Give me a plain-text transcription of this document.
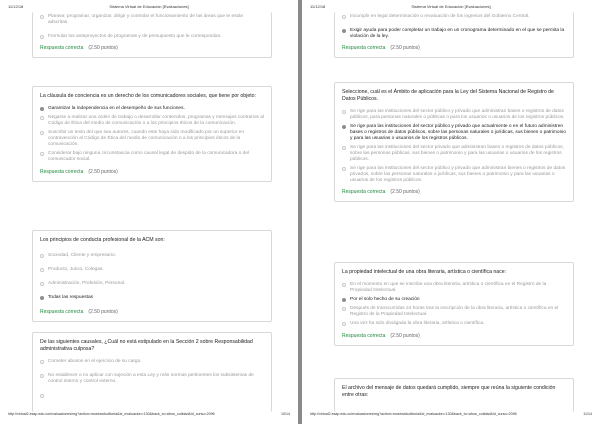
11/12/18	Sistema Virtual de Educación [Evaluaciones]
Planear, programar, organizar, dirigir y controlar el funcionamiento de las áreas que le están adscritas.
Formular los anteproyectos de programas y de presupuesto que le correspondan.
Respuesta correcta (2.50 puntos)
La cláusula de conciencia es un derecho de los comunicadores sociales, que tiene por objeto:
Garantizar la independencia en el desempeño de sus funciones.
Negarse a realizar una orden de trabajo o desarrollar contenidos, programas y mensajes contrarios al Código de Ética del medio de comunicación o a los principios éticos de la comunicación.
Suscribir un texto del que sea autores, cuando este haya sido modificado por un superior en contravención al Código de Ética del medio de comunicación o a los principios éticos de la comunicación.
Considerar bajo ninguna circunstancia como causal legal de despido de la comunicadora o del comunicador social.
Respuesta correcta (2.50 puntos)
Los principios de conducta profesional de la ACM son:
Sociedad, Cliente y empresario.
Producto, Juicio, Colegas.
Administración, Profesión, Personal.
Todas las respuestas
Respuesta correcta (2.50 puntos)
De las siguientes causales, ¿Cuál no está estipulado en la Sección 2 sobre Responsabilidad administrativa culposa?
Cometer abusos en el ejercicio de su cargo.
No establecer o no aplicar con sujeción a esta Ley y más normas pertinentes los subsistemas de control interno y control externo.
http://virtual2.esap.edu.co/evaluaciones/mg?action=mostrarAuditoria&id_evaluacion=130&back_to=aforo_cotidad&id_curso=2096	10/14
11/12/18	Sistema Virtual de Educación [Evaluaciones]
Incumplir en legal determinación o revaluación de los ingresos del Gobierno Central.
Exigir ayuda para poder completar un trabajo en un cronograma determinado en el que se permita la violación de la ley.
Respuesta correcta (2.50 puntos)
Seleccione, cuál es el Ámbito de aplicación para la Ley del Sistema Nacional de Registro de Datos Públicos.
Se rige para las instituciones del sector público y privado que administran bases o registros de datos públicos, para personas naturales o públicas o para los usuarios o usuarios de los registros públicos.
Se rige para las instituciones del sector público y privado que actualmente o en el futuro administren bases o registros de datos públicos, sobre las personas naturales o jurídicas, sus bienes o patrimonio y para las usuarias o usuarios de los registros públicos.
Se rige para las instituciones del sector privado que administran bases o registros de datos públicos, sobre las personas públicas, sus bienes o patrimonio y para las usuarias o usuarios de los registros públicos.
Se rige para las instituciones del sector público y privado que administran bienes o registros de datos privados, sobre las personas naturales o jurídicas, sus bienes o patrimonio y para las usuarias o usuarios de los registros públicos.
Respuesta correcta (2.50 puntos)
La propiedad intelectual de una obra literaria, artística o científica nace:
En el momento en que se inscribe una obra literaria, artística o científica en el Registro de la Propiedad Intelectual.
Por el solo hecho de su creación
Después de transcurridas 24 horas tras la inscripción de la obra literaria, artística o científica en el Registro de la Propiedad Intelectual.
Una vez ha sido divulgada la obra literaria, artística o científica.
Respuesta correcta (2.50 puntos)
El archivo del mensaje de datos quedará cumplido, siempre que reúna la siguiente condición entre otras:
http://virtual2.esap.edu.co/evaluaciones/mg?action=mostrarAuditoria&id_evaluacion=130&back_to=aforo_cotidad&id_curso=2096	11/14
